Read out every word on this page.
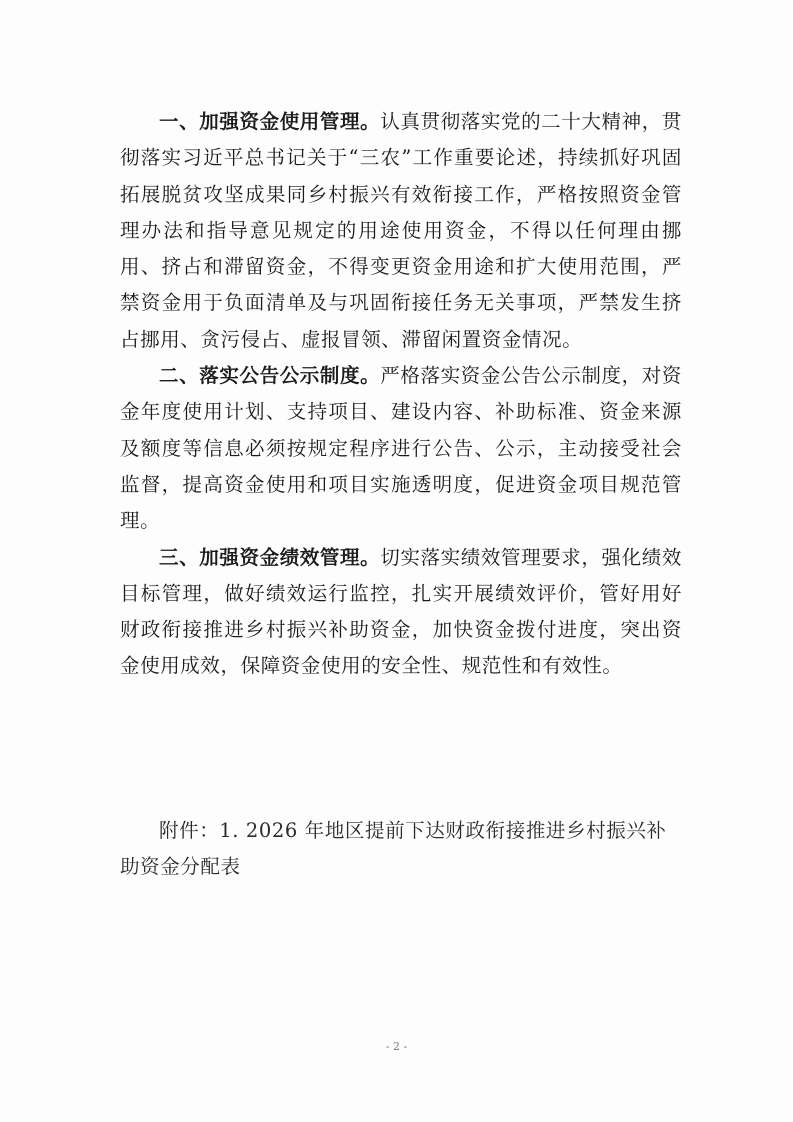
一、加强资金使用管理。认真贯彻落实党的二十大精神，贯彻落实习近平总书记关于“三农”工作重要论述，持续抓好巩固拓展脱贫攻坚成果同乡村振兴有效衔接工作，严格按照资金管理办法和指导意见规定的用途使用资金，不得以任何理由挪用、挤占和滞留资金，不得变更资金用途和扩大使用范围，严禁资金用于负面清单及与巩固衔接任务无关事项，严禁发生挤占挪用、贪污侵占、虚报冒领、滞留闲置资金情况。

二、落实公告公示制度。严格落实资金公告公示制度，对资金年度使用计划、支持项目、建设内容、补助标准、资金来源及额度等信息必须按规定程序进行公告、公示，主动接受社会监督，提高资金使用和项目实施透明度，促进资金项目规范管理。

三、加强资金绩效管理。切实落实绩效管理要求，强化绩效目标管理，做好绩效运行监控，扎实开展绩效评价，管好用好财政衔接推进乡村振兴补助资金，加快资金拨付进度，突出资金使用成效，保障资金使用的安全性、规范性和有效性。

附件：1. 2026 年地区提前下达财政衔接推进乡村振兴补助资金分配表

- 2 -
